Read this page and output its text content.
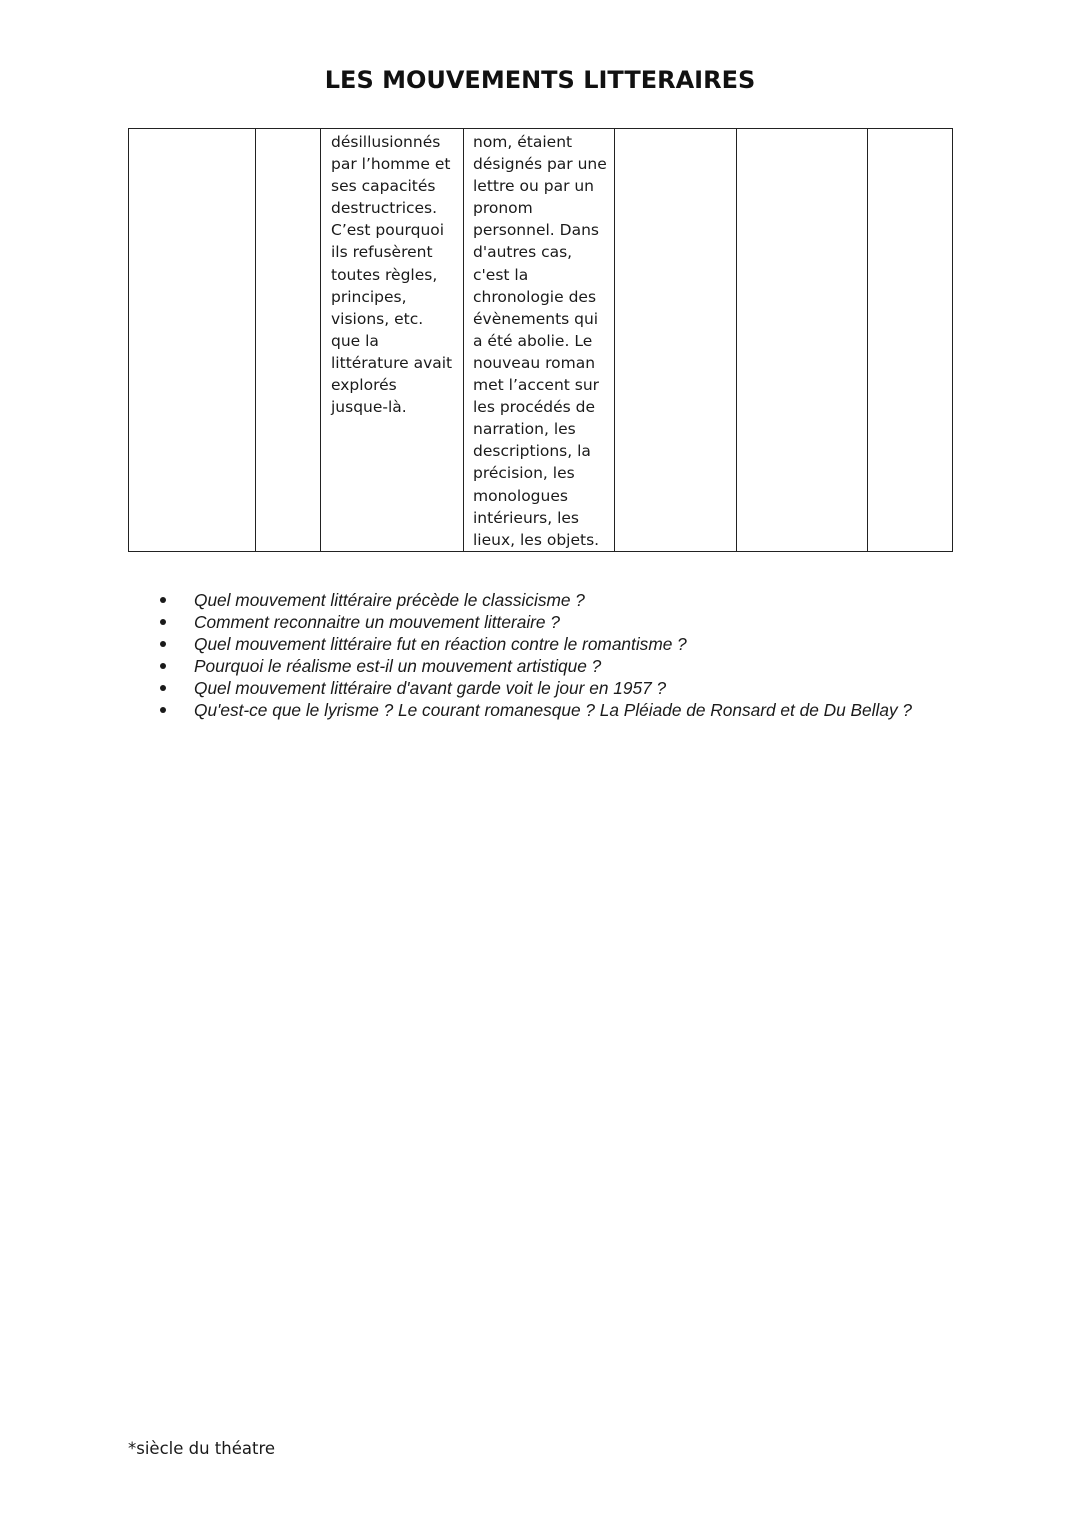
LES MOUVEMENTS LITTERAIRES
		désillusionnés par l’homme et ses capacités destructrices. C’est pourquoi ils refusèrent toutes règles, principes, visions, etc. que la littérature avait explorés jusque-là.	nom, étaient désignés par une lettre ou par un pronom personnel. Dans d'autres cas, c'est la chronologie des évènements qui a été abolie. Le nouveau roman met l’accent sur les procédés de narration, les descriptions, la précision, les monologues intérieurs, les lieux, les objets.			
Quel mouvement littéraire précède le classicisme ?
Comment reconnaitre un mouvement litteraire ?
Quel mouvement littéraire fut en réaction contre le romantisme ?
Pourquoi le réalisme est-il un mouvement artistique ?
Quel mouvement littéraire d'avant garde voit le jour en 1957 ?
Qu'est-ce que le lyrisme ? Le courant romanesque ? La Pléiade de Ronsard et de Du Bellay ?
*siècle du théatre
